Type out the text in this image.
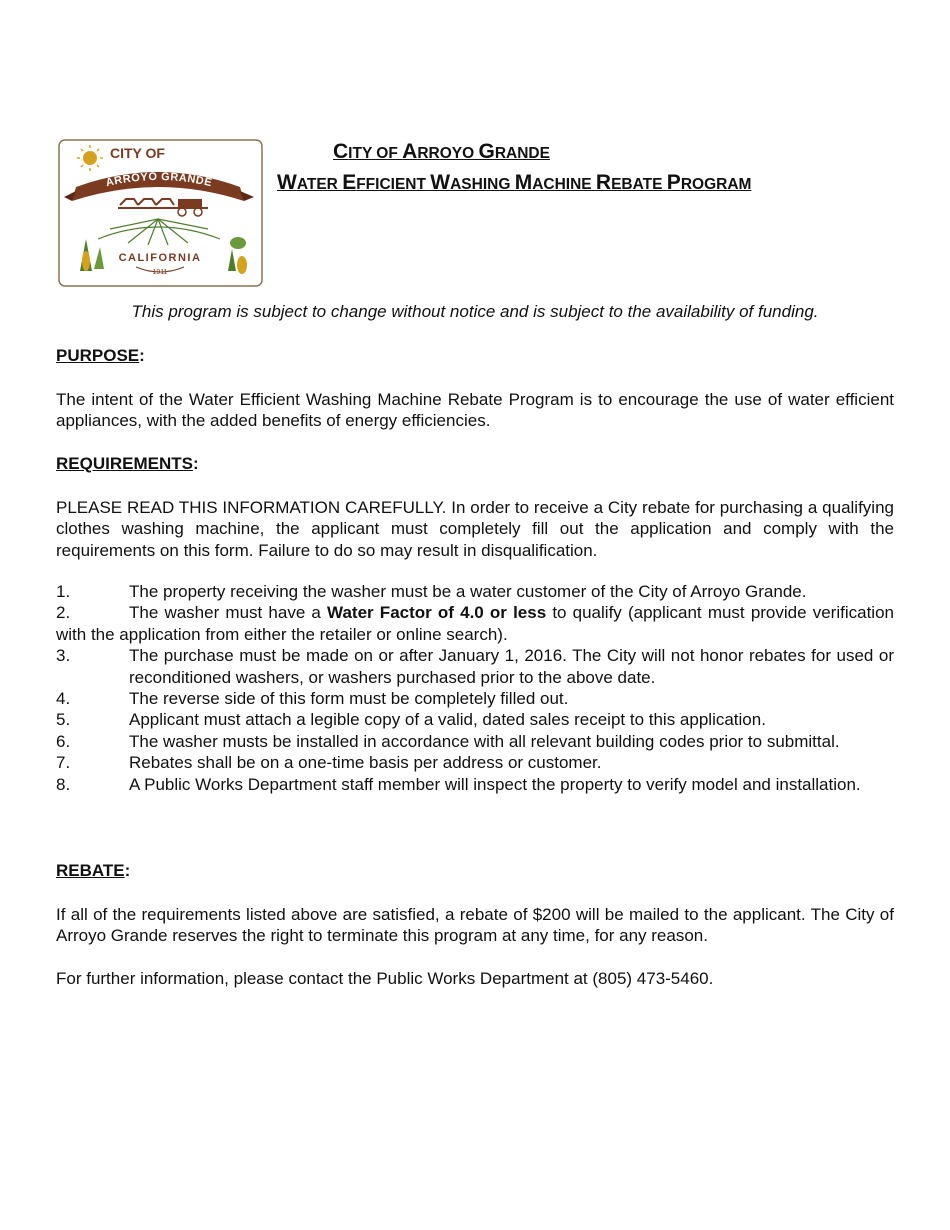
CITY OF
ARROYO GRANDE
CALIFORNIA
1911
CITY OF ARROYO GRANDE
WATER EFFICIENT WASHING MACHINE REBATE PROGRAM
This program is subject to change without notice and is subject to the availability of funding.
PURPOSE:
The intent of the Water Efficient Washing Machine Rebate Program is to encourage the use of water efficient appliances, with the added benefits of energy efficiencies.
REQUIREMENTS:
PLEASE READ THIS INFORMATION CAREFULLY. In order to receive a City rebate for purchasing a qualifying clothes washing machine, the applicant must completely fill out the application and comply with the requirements on this form. Failure to do so may result in disqualification.
1.	The property receiving the washer must be a water customer of the City of Arroyo Grande.
2.	The washer must have a Water Factor of 4.0 or less to qualify (applicant must provide verification with the application from either the retailer or online search).
3.	The purchase must be made on or after January 1, 2016. The City will not honor rebates for used or reconditioned washers, or washers purchased prior to the above date.
4.	The reverse side of this form must be completely filled out.
5.	Applicant must attach a legible copy of a valid, dated sales receipt to this application.
6.	The washer musts be installed in accordance with all relevant building codes prior to submittal.
7.	Rebates shall be on a one-time basis per address or customer.
8.	A Public Works Department staff member will inspect the property to verify model and installation.
REBATE:
If all of the requirements listed above are satisfied, a rebate of $200 will be mailed to the applicant. The City of Arroyo Grande reserves the right to terminate this program at any time, for any reason.
For further information, please contact the Public Works Department at (805) 473-5460.
